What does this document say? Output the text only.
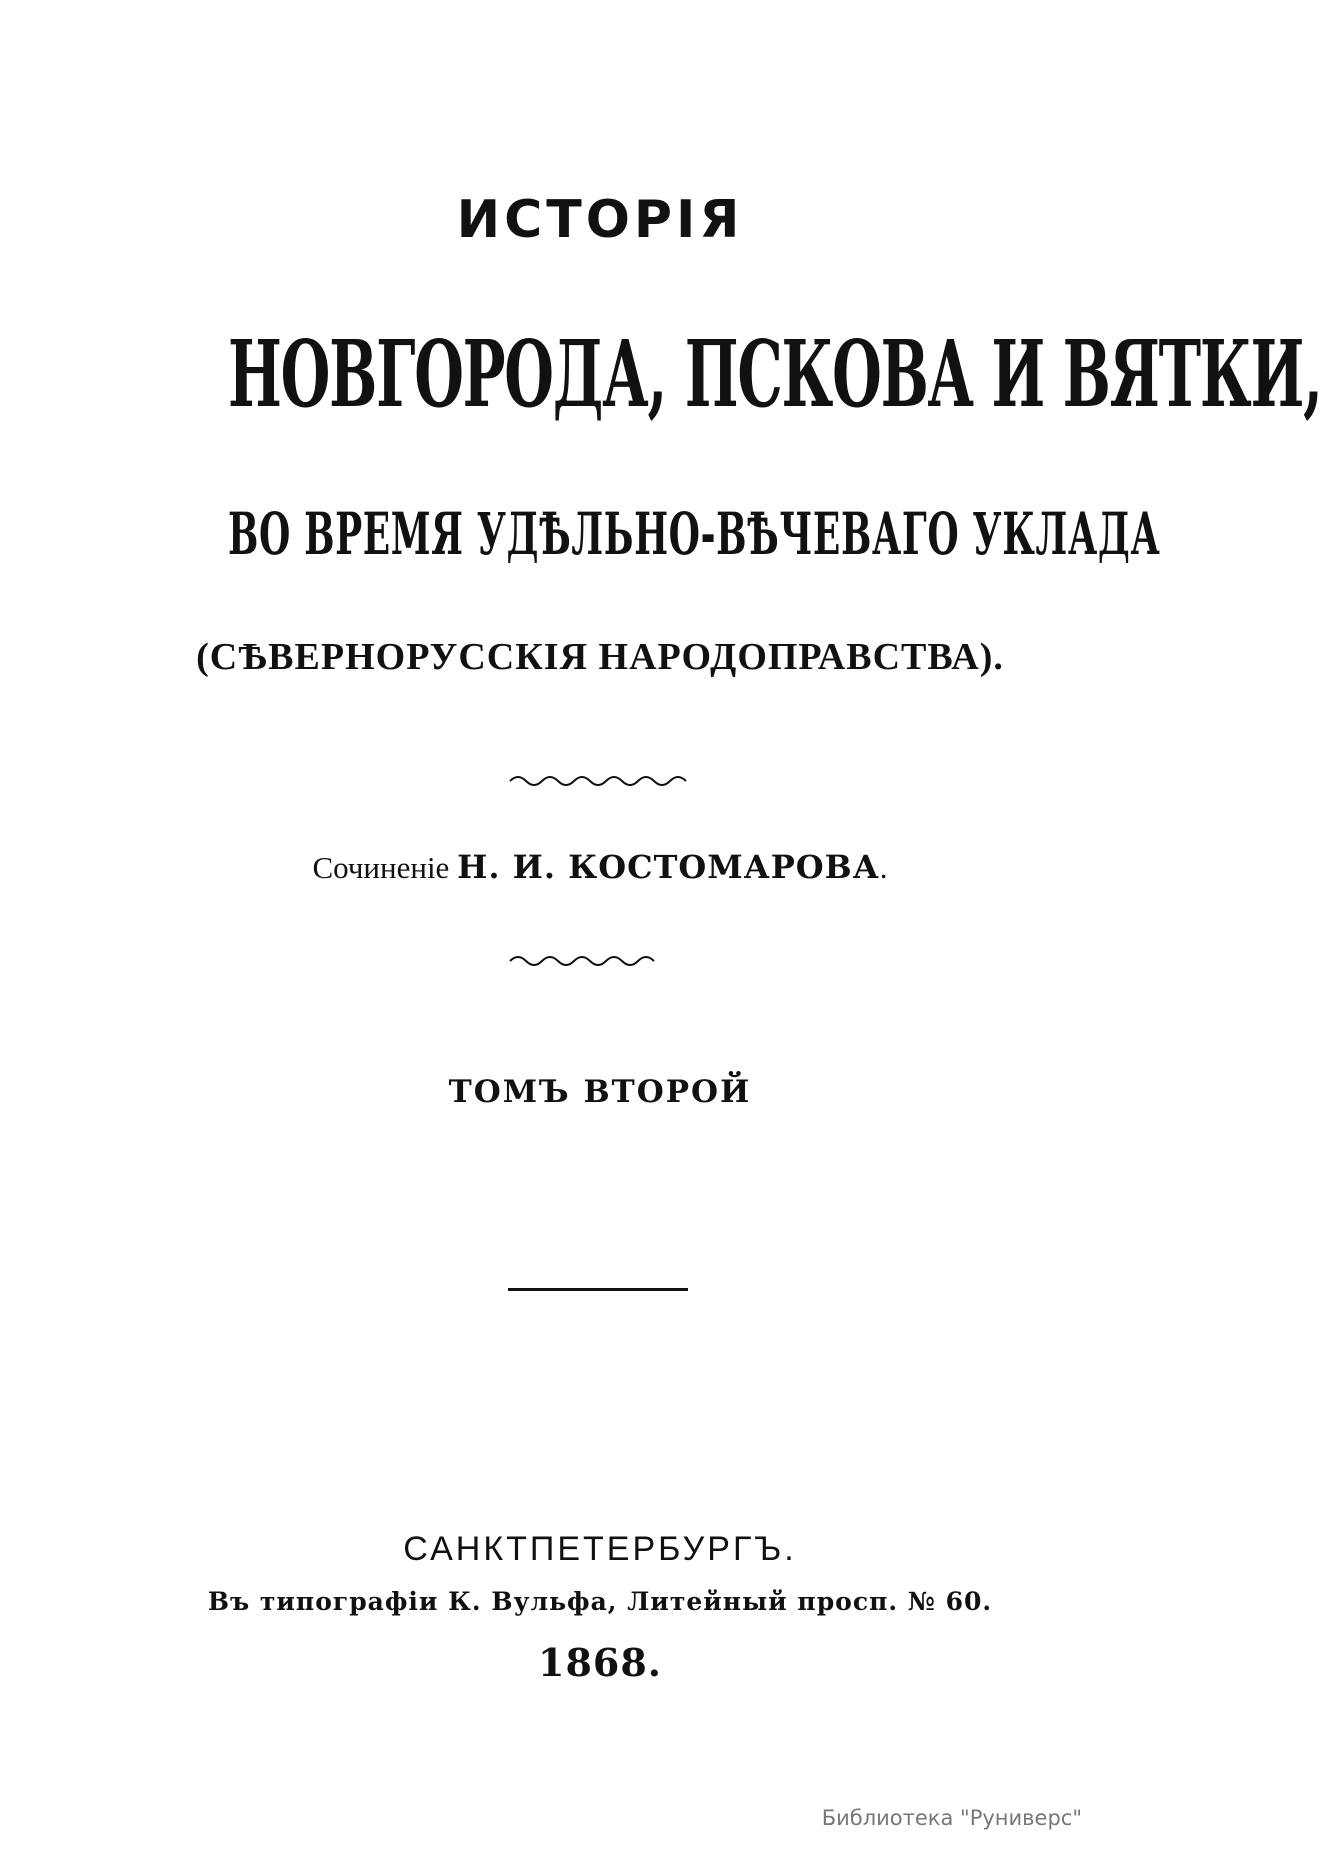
ИСТОРІЯ
НОВГОРОДА, ПСКОВА И ВЯТКИ,
ВО ВРЕМЯ УДѢЛЬНО-ВѢЧЕВАГО УКЛАДА
(СѢВЕРНОРУССКІЯ НАРОДОПРАВСТВА).
Сочиненіе Н. И. КОСТОМАРОВА.
ТОМЪ ВТОРОЙ
САНКТПЕТЕРБУРГЪ.
Въ типографіи К. Вульфа, Литейный просп. № 60.
1868.
Библиотека "Руниверс"
